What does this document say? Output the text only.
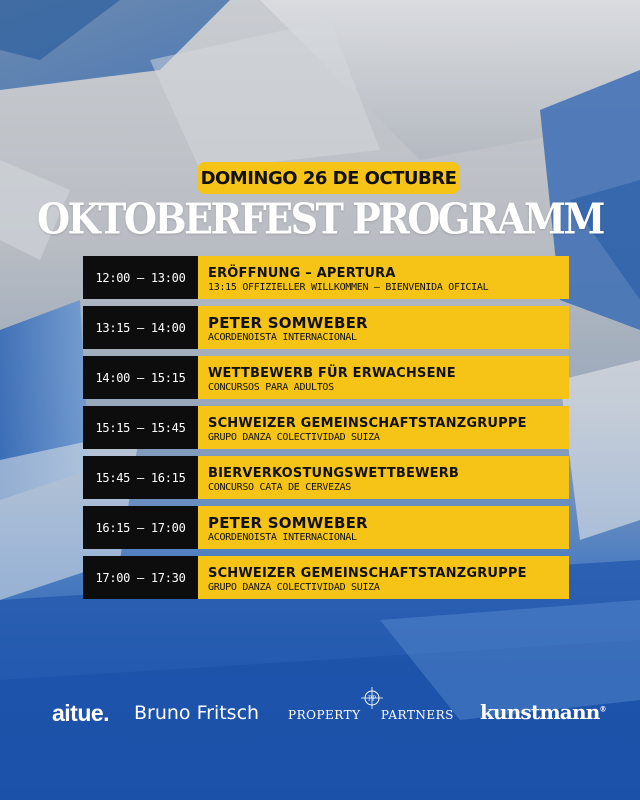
DOMINGO 26 DE OCTUBRE
OKTOBERFEST PROGRAMM
12:00 – 13:00	ERÖFFNUNG – APERTURA
13:15 OFFIZIELLER WILLKOMMEN – BIENVENIDA OFICIAL
13:15 – 14:00	PETER SOMWEBER
ACORDENOISTA INTERNACIONAL
14:00 – 15:15	WETTBEWERB FÜR ERWACHSENE
CONCURSOS PARA ADULTOS
15:15 – 15:45	SCHWEIZER GEMEINSCHAFTSTANZGRUPPE
GRUPO DANZA COLECTIVIDAD SUIZA
15:45 – 16:15	BIERVERKOSTUNGSWETTBEWERB
CONCURSO CATA DE CERVEZAS
16:15 – 17:00	PETER SOMWEBER
ACORDENOISTA INTERNACIONAL
17:00 – 17:30	SCHWEIZER GEMEINSCHAFTSTANZGRUPPE
GRUPO DANZA COLECTIVIDAD SUIZA
aitue. Bruno Fritsch PROPERTY PARTNERS
PP
kunstmann®
